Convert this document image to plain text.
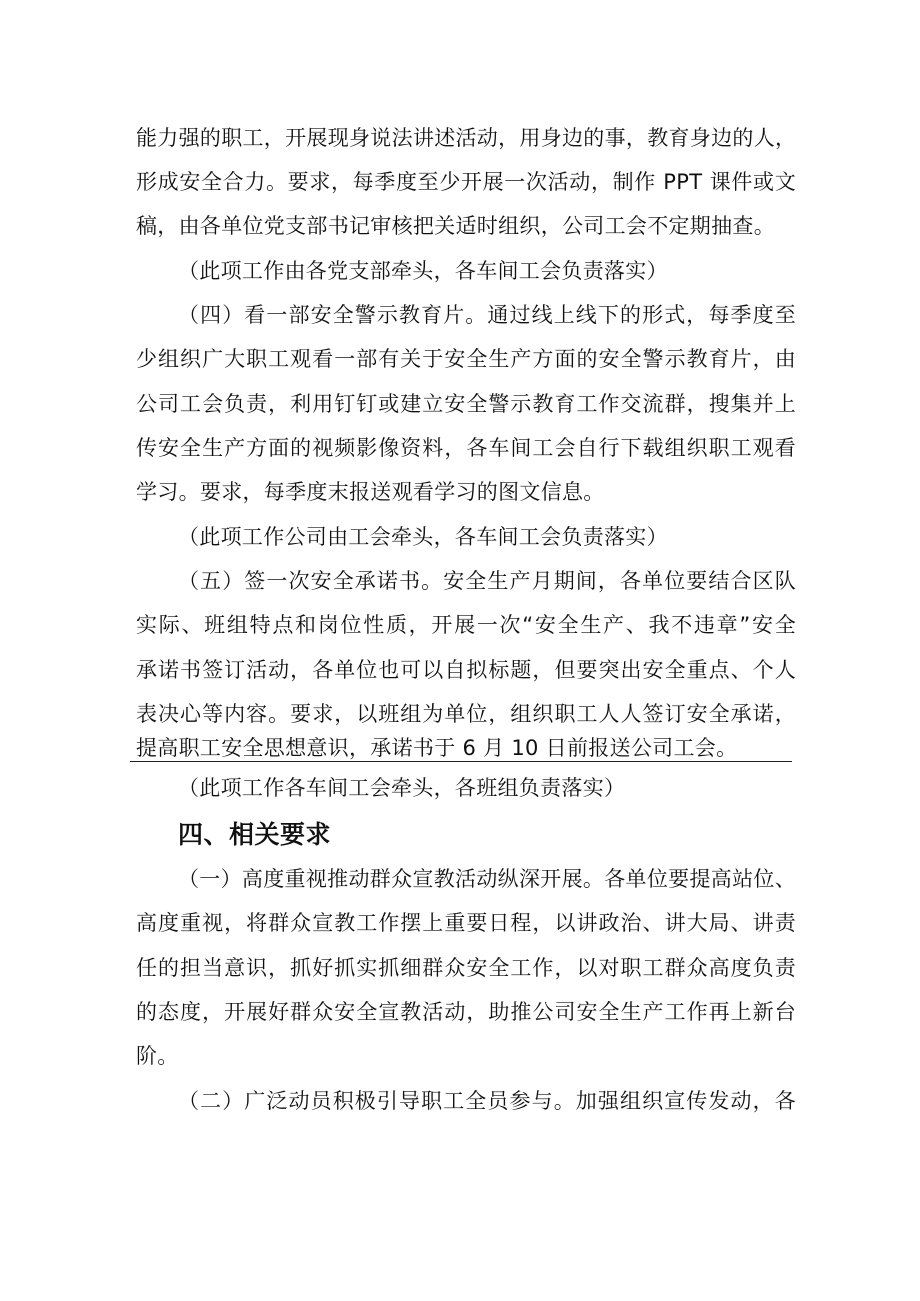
能力强的职工，开展现身说法讲述活动，用身边的事，教育身边的人，
形成安全合力。要求，每季度至少开展一次活动，制作 PPT 课件或文
稿，由各单位党支部书记审核把关适时组织，公司工会不定期抽查。
（此项工作由各党支部牵头，各车间工会负责落实）
（四）看一部安全警示教育片。通过线上线下的形式，每季度至
少组织广大职工观看一部有关于安全生产方面的安全警示教育片，由
公司工会负责，利用钉钉或建立安全警示教育工作交流群，搜集并上
传安全生产方面的视频影像资料，各车间工会自行下载组织职工观看
学习。要求，每季度末报送观看学习的图文信息。
（此项工作公司由工会牵头，各车间工会负责落实）
（五）签一次安全承诺书。安全生产月期间，各单位要结合区队
实际、班组特点和岗位性质，开展一次“安全生产、我不违章”安全
承诺书签订活动，各单位也可以自拟标题，但要突出安全重点、个人
表决心等内容。要求，以班组为单位，组织职工人人签订安全承诺，
提高职工安全思想意识，承诺书于 6 月 10 日前报送公司工会。
（此项工作各车间工会牵头，各班组负责落实）
四、相关要求
（一）高度重视推动群众宣教活动纵深开展。各单位要提高站位、
高度重视，将群众宣教工作摆上重要日程，以讲政治、讲大局、讲责
任的担当意识，抓好抓实抓细群众安全工作，以对职工群众高度负责
的态度，开展好群众安全宣教活动，助推公司安全生产工作再上新台
阶。
（二）广泛动员积极引导职工全员参与。加强组织宣传发动，各
